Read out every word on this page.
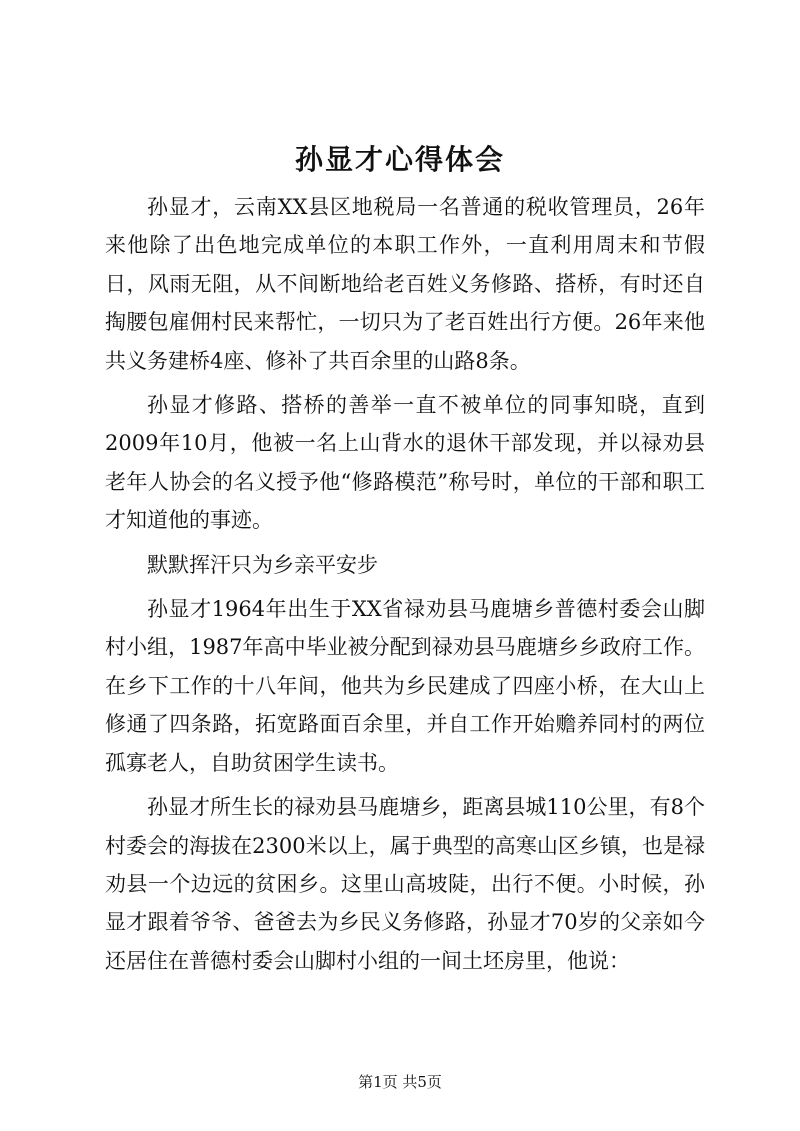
孙显才心得体会

孙显才，云南XX县区地税局一名普通的税收管理员，26年来他除了出色地完成单位的本职工作外，一直利用周末和节假日，风雨无阻，从不间断地给老百姓义务修路、搭桥，有时还自掏腰包雇佣村民来帮忙，一切只为了老百姓出行方便。26年来他共义务建桥4座、修补了共百余里的山路8条。

孙显才修路、搭桥的善举一直不被单位的同事知晓，直到2009年10月，他被一名上山背水的退休干部发现，并以禄劝县老年人协会的名义授予他“修路模范”称号时，单位的干部和职工才知道他的事迹。

默默挥汗只为乡亲平安步

孙显才1964年出生于XX省禄劝县马鹿塘乡普德村委会山脚村小组，1987年高中毕业被分配到禄劝县马鹿塘乡乡政府工作。在乡下工作的十八年间，他共为乡民建成了四座小桥，在大山上修通了四条路，拓宽路面百余里，并自工作开始赡养同村的两位孤寡老人，自助贫困学生读书。

孙显才所生长的禄劝县马鹿塘乡，距离县城110公里，有8个村委会的海拔在2300米以上，属于典型的高寒山区乡镇，也是禄劝县一个边远的贫困乡。这里山高坡陡，出行不便。小时候，孙显才跟着爷爷、爸爸去为乡民义务修路，孙显才70岁的父亲如今还居住在普德村委会山脚村小组的一间土坯房里，他说：

第1页 共5页
